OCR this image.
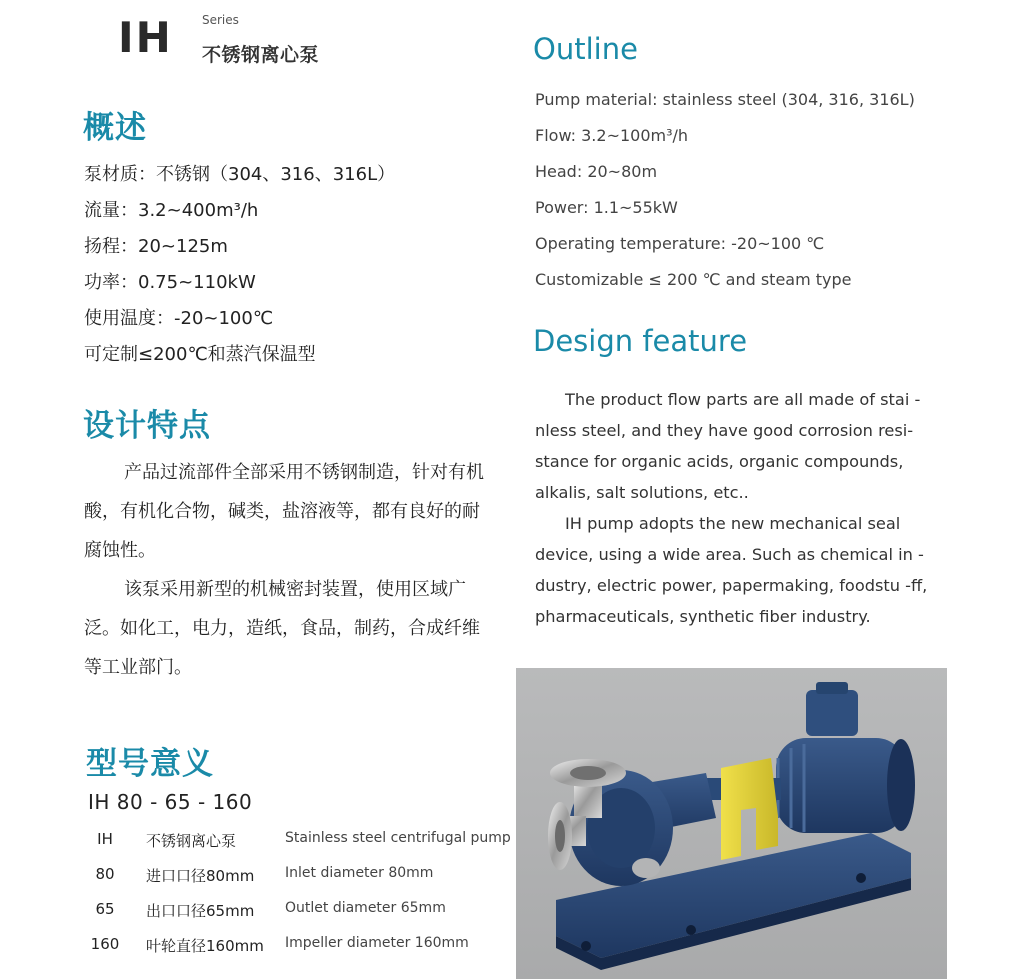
IH Series
不锈钢离心泵
概述
泵材质：不锈钢（304、316、316L）
流量：3.2~400m³/h
扬程：20~125m
功率：0.75~110kW
使用温度：-20~100℃
可定制≤200℃和蒸汽保温型
设计特点

产品过流部件全部采用不锈钢制造，针对有机酸，有机化合物，碱类，盐溶液等，都有良好的耐腐蚀性。

该泵采用新型的机械密封装置，使用区域广泛。如化工，电力，造纸，食品，制药，合成纤维等工业部门。

Outline
Pump material: stainless steel (304, 316, 316L)
Flow: 3.2~100m³/h
Head: 20~80m
Power: 1.1~55kW
Operating temperature: -20~100 ℃
Customizable ≤ 200 ℃ and steam type
Design feature

The product flow parts are all made of stai -nless steel, and they have good corrosion resi- stance for organic acids, organic compounds, alkalis, salt solutions, etc..

IH pump adopts the new mechanical seal device, using a wide area. Such as chemical in -dustry, electric power, papermaking, foodstu -ff, pharmaceuticals, synthetic fiber industry.

型号意义
IH 80 - 65 - 160
IH	不锈钢离心泵	Stainless steel centrifugal pump
80	进口口径80mm Inlet diameter 80mm
65	出口口径65mm Outlet diameter 65mm
160 叶轮直径160mm Impeller diameter 160mm
